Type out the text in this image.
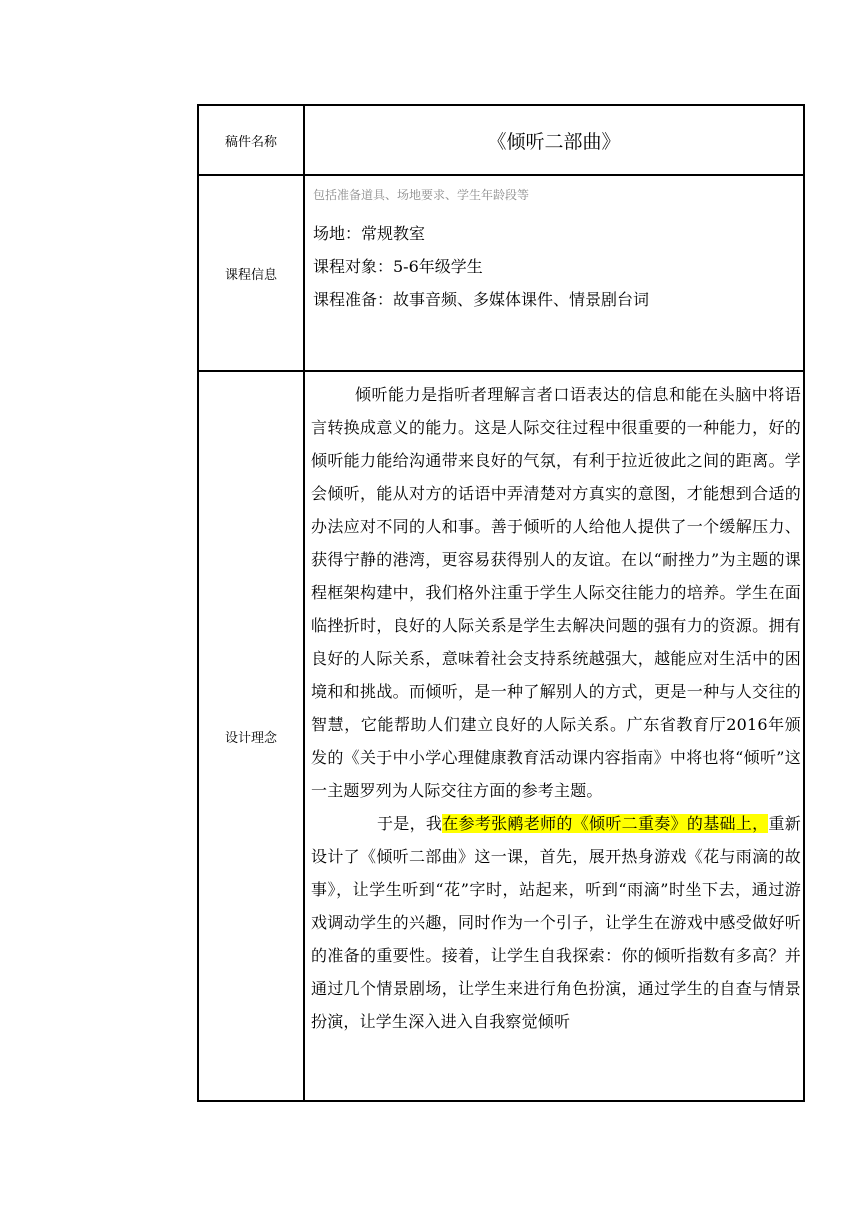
稿件名称	《倾听二部曲》
课程信息	包括准备道具、场地要求、学生年龄段等
场地：常规教室
课程对象：5-6年级学生
课程准备：故事音频、多媒体课件、情景剧台词

设计理念	倾听能力是指听者理解言者口语表达的信息和能在头脑中将语言转换成意义的能力。这是人际交往过程中很重要的一种能力，好的倾听能力能给沟通带来良好的气氛，有利于拉近彼此之间的距离。学会倾听，能从对方的话语中弄清楚对方真实的意图，才能想到合适的办法应对不同的人和事。善于倾听的人给他人提供了一个缓解压力、获得宁静的港湾，更容易获得别人的友谊。在以“耐挫力”为主题的课程框架构建中，我们格外注重于学生人际交往能力的培养。学生在面临挫折时，良好的人际关系是学生去解决问题的强有力的资源。拥有良好的人际关系，意味着社会支持系统越强大，越能应对生活中的困境和和挑战。而倾听，是一种了解别人的方式，更是一种与人交往的智慧，它能帮助人们建立良好的人际关系。广东省教育厅2016年颁发的《关于中小学心理健康教育活动课内容指南》中将也将“倾听”这一主题罗列为人际交往方面的参考主题。

于是，我在参考张鹇老师的《倾听二重奏》的基础上，重新设计了《倾听二部曲》这一课，首先，展开热身游戏《花与雨滴的故事》，让学生听到“花”字时，站起来，听到“雨滴”时坐下去，通过游戏调动学生的兴趣，同时作为一个引子，让学生在游戏中感受做好听的准备的重要性。接着，让学生自我探索：你的倾听指数有多高？并通过几个情景剧场，让学生来进行角色扮演，通过学生的自查与情景扮演，让学生深入进入自我察觉倾听
